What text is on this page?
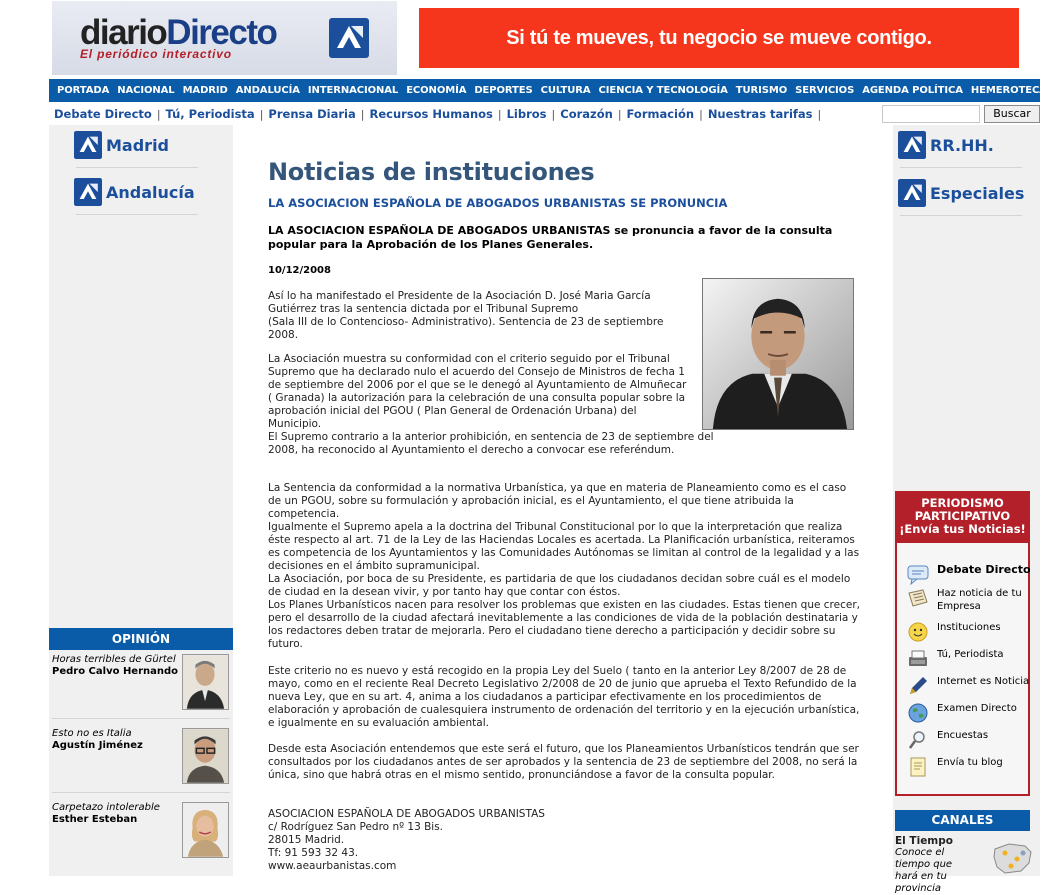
diarioDirecto
El periódico interactivo
Si tú te mueves, tu negocio se mueve contigo.
PORTADA NACIONAL MADRID ANDALUCÍA INTERNACIONAL ECONOMÍA DEPORTES CULTURA CIENCIA Y TECNOLOGÍA TURISMO SERVICIOS AGENDA POLÍTICA HEMEROTECA
Debate Directo | Tú, Periodista | Prensa Diaria | Recursos Humanos | Libros | Corazón | Formación | Nuestras tarifas |	Buscar
Madrid
Andalucía
OPINIÓN
Horas terribles de Gürtel
Pedro Calvo Hernando
Esto no es Italia
Agustín Jiménez
Carpetazo intolerable
Esther Esteban
Noticias de instituciones
LA ASOCIACION ESPAÑOLA DE ABOGADOS URBANISTAS SE PRONUNCIA
LA ASOCIACION ESPAÑOLA DE ABOGADOS URBANISTAS se pronuncia a favor de la consulta popular para la Aprobación de los Planes Generales.
10/12/2008
Así lo ha manifestado el Presidente de la Asociación D. José Maria García Gutiérrez tras la sentencia dictada por el Tribunal Supremo
(Sala III de lo Contencioso- Administrativo). Sentencia de 23 de septiembre 2008.
La Asociación muestra su conformidad con el criterio seguido por el Tribunal Supremo que ha declarado nulo el acuerdo del Consejo de Ministros de fecha 1 de septiembre del 2006 por el que se le denegó al Ayuntamiento de Almuñecar ( Granada) la autorización para la celebración de una consulta popular sobre la aprobación inicial del PGOU ( Plan General de Ordenación Urbana) del Municipio.
El Supremo contrario a la anterior prohibición, en sentencia de 23 de septiembre del 2008, ha reconocido al Ayuntamiento el derecho a convocar ese referéndum.
La Sentencia da conformidad a la normativa Urbanística, ya que en materia de Planeamiento como es el caso de un PGOU, sobre su formulación y aprobación inicial, es el Ayuntamiento, el que tiene atribuida la competencia.
Igualmente el Supremo apela a la doctrina del Tribunal Constitucional por lo que la interpretación que realiza éste respecto al art. 71 de la Ley de las Haciendas Locales es acertada. La Planificación urbanística, reiteramos es competencia de los Ayuntamientos y las Comunidades Autónomas se limitan al control de la legalidad y a las decisiones en el ámbito supramunicipal.
La Asociación, por boca de su Presidente, es partidaria de que los ciudadanos decidan sobre cuál es el modelo de ciudad en la desean vivir, y por tanto hay que contar con éstos.
Los Planes Urbanísticos nacen para resolver los problemas que existen en las ciudades. Estas tienen que crecer, pero el desarrollo de la ciudad afectará inevitablemente a las condiciones de vida de la población destinataria y los redactores deben tratar de mejorarla. Pero el ciudadano tiene derecho a participación y decidir sobre su futuro.
Este criterio no es nuevo y está recogido en la propia Ley del Suelo ( tanto en la anterior Ley 8/2007 de 28 de mayo, como en el reciente Real Decreto Legislativo 2/2008 de 20 de junio que aprueba el Texto Refundido de la nueva Ley, que en su art. 4, anima a los ciudadanos a participar efectivamente en los procedimientos de elaboración y aprobación de cualesquiera instrumento de ordenación del territorio y en la ejecución urbanística, e igualmente en su evaluación ambiental.
Desde esta Asociación entendemos que este será el futuro, que los Planeamientos Urbanísticos tendrán que ser consultados por los ciudadanos antes de ser aprobados y la sentencia de 23 de septiembre del 2008, no será la única, sino que habrá otras en el mismo sentido, pronunciándose a favor de la consulta popular.
ASOCIACION ESPAÑOLA DE ABOGADOS URBANISTAS
c/ Rodríguez San Pedro nº 13 Bis.
28015 Madrid.
Tf: 91 593 32 43.
www.aeaurbanistas.com
RR.HH.
Especiales
PERIODISMO PARTICIPATIVO
¡Envía tus Noticias!
Debate Directo
Haz noticia de tu Empresa
Instituciones
Tú, Periodista
Internet es Noticia
Examen Directo
Encuestas
Envía tu blog
CANALES
El Tiempo
Conoce el tiempo que hará en tu provincia
